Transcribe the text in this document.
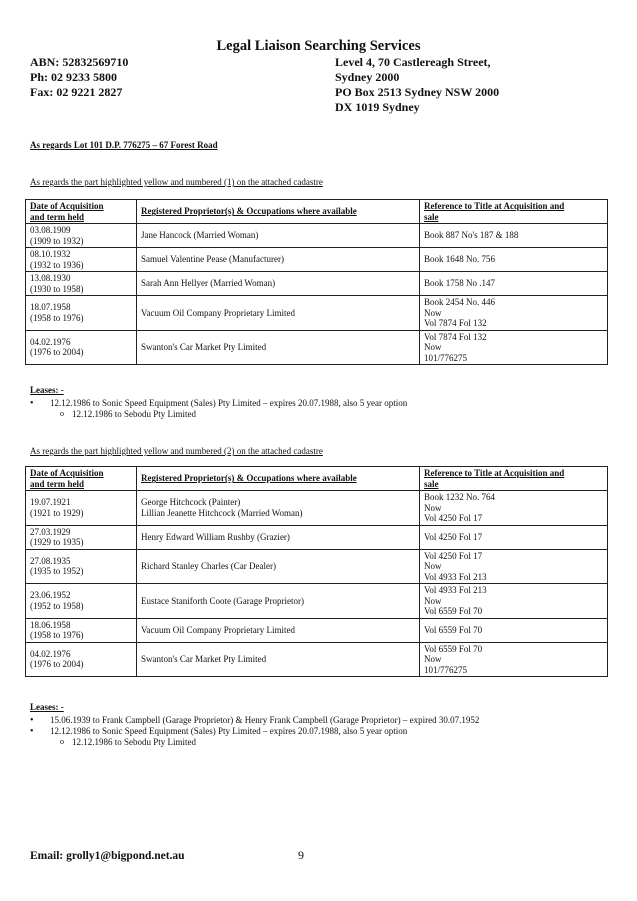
Legal Liaison Searching Services
ABN: 52832569710
Ph: 02 9233 5800
Fax: 02 9221 2827
Level 4, 70 Castlereagh Street,
Sydney 2000
PO Box 2513 Sydney NSW 2000
DX 1019 Sydney
As regards Lot 101 D.P. 776275 – 67 Forest Road
As regards the part highlighted yellow and numbered (1) on the attached cadastre
Date of Acquisition
and term held	Registered Proprietor(s) & Occupations where available	Reference to Title at Acquisition and
sale
03.08.1909
(1909 to 1932)	Jane Hancock (Married Woman)	Book 887 No's 187 & 188
08.10.1932
(1932 to 1936)	Samuel Valentine Pease (Manufacturer)	Book 1648 No. 756
13.08.1930
(1930 to 1958)	Sarah Ann Hellyer (Married Woman)	Book 1758 No .147
18.07.1958
(1958 to 1976)	Vacuum Oil Company Proprietary Limited	Book 2454 No. 446
Now
Vol 7874 Fol 132
04.02.1976
(1976 to 2004)	Swanton's Car Market Pty Limited	Vol 7874 Fol 132
Now
101/776275
Leases: -
• 12.12.1986 to Sonic Speed Equipment (Sales) Pty Limited – expires 20.07.1988, also 5 year option
o 12.12.1986 to Sebodu Pty Limited
As regards the part highlighted yellow and numbered (2) on the attached cadastre
Date of Acquisition
and term held	Registered Proprietor(s) & Occupations where available	Reference to Title at Acquisition and
sale
19.07.1921
(1921 to 1929)	George Hitchcock (Painter)
Lillian Jeanette Hitchcock (Married Woman)	Book 1232 No. 764
Now
Vol 4250 Fol 17
27.03.1929
(1929 to 1935)	Henry Edward William Rushby (Grazier)	Vol 4250 Fol 17
27.08.1935
(1935 to 1952)	Richard Stanley Charles (Car Dealer)	Vol 4250 Fol 17
Now
Vol 4933 Fol 213
23.06.1952
(1952 to 1958)	Eustace Staniforth Coote (Garage Proprietor)	Vol 4933 Fol 213
Now
Vol 6559 Fol 70
18.06.1958
(1958 to 1976)	Vacuum Oil Company Proprietary Limited	Vol 6559 Fol 70
04.02.1976
(1976 to 2004)	Swanton's Car Market Pty Limited	Vol 6559 Fol 70
Now
101/776275
Leases: -
• 15.06.1939 to Frank Campbell (Garage Proprietor) & Henry Frank Campbell (Garage Proprietor) – expired 30.07.1952
• 12.12.1986 to Sonic Speed Equipment (Sales) Pty Limited – expires 20.07.1988, also 5 year option
o 12.12.1986 to Sebodu Pty Limited
Email: grolly1@bigpond.net.au	9
